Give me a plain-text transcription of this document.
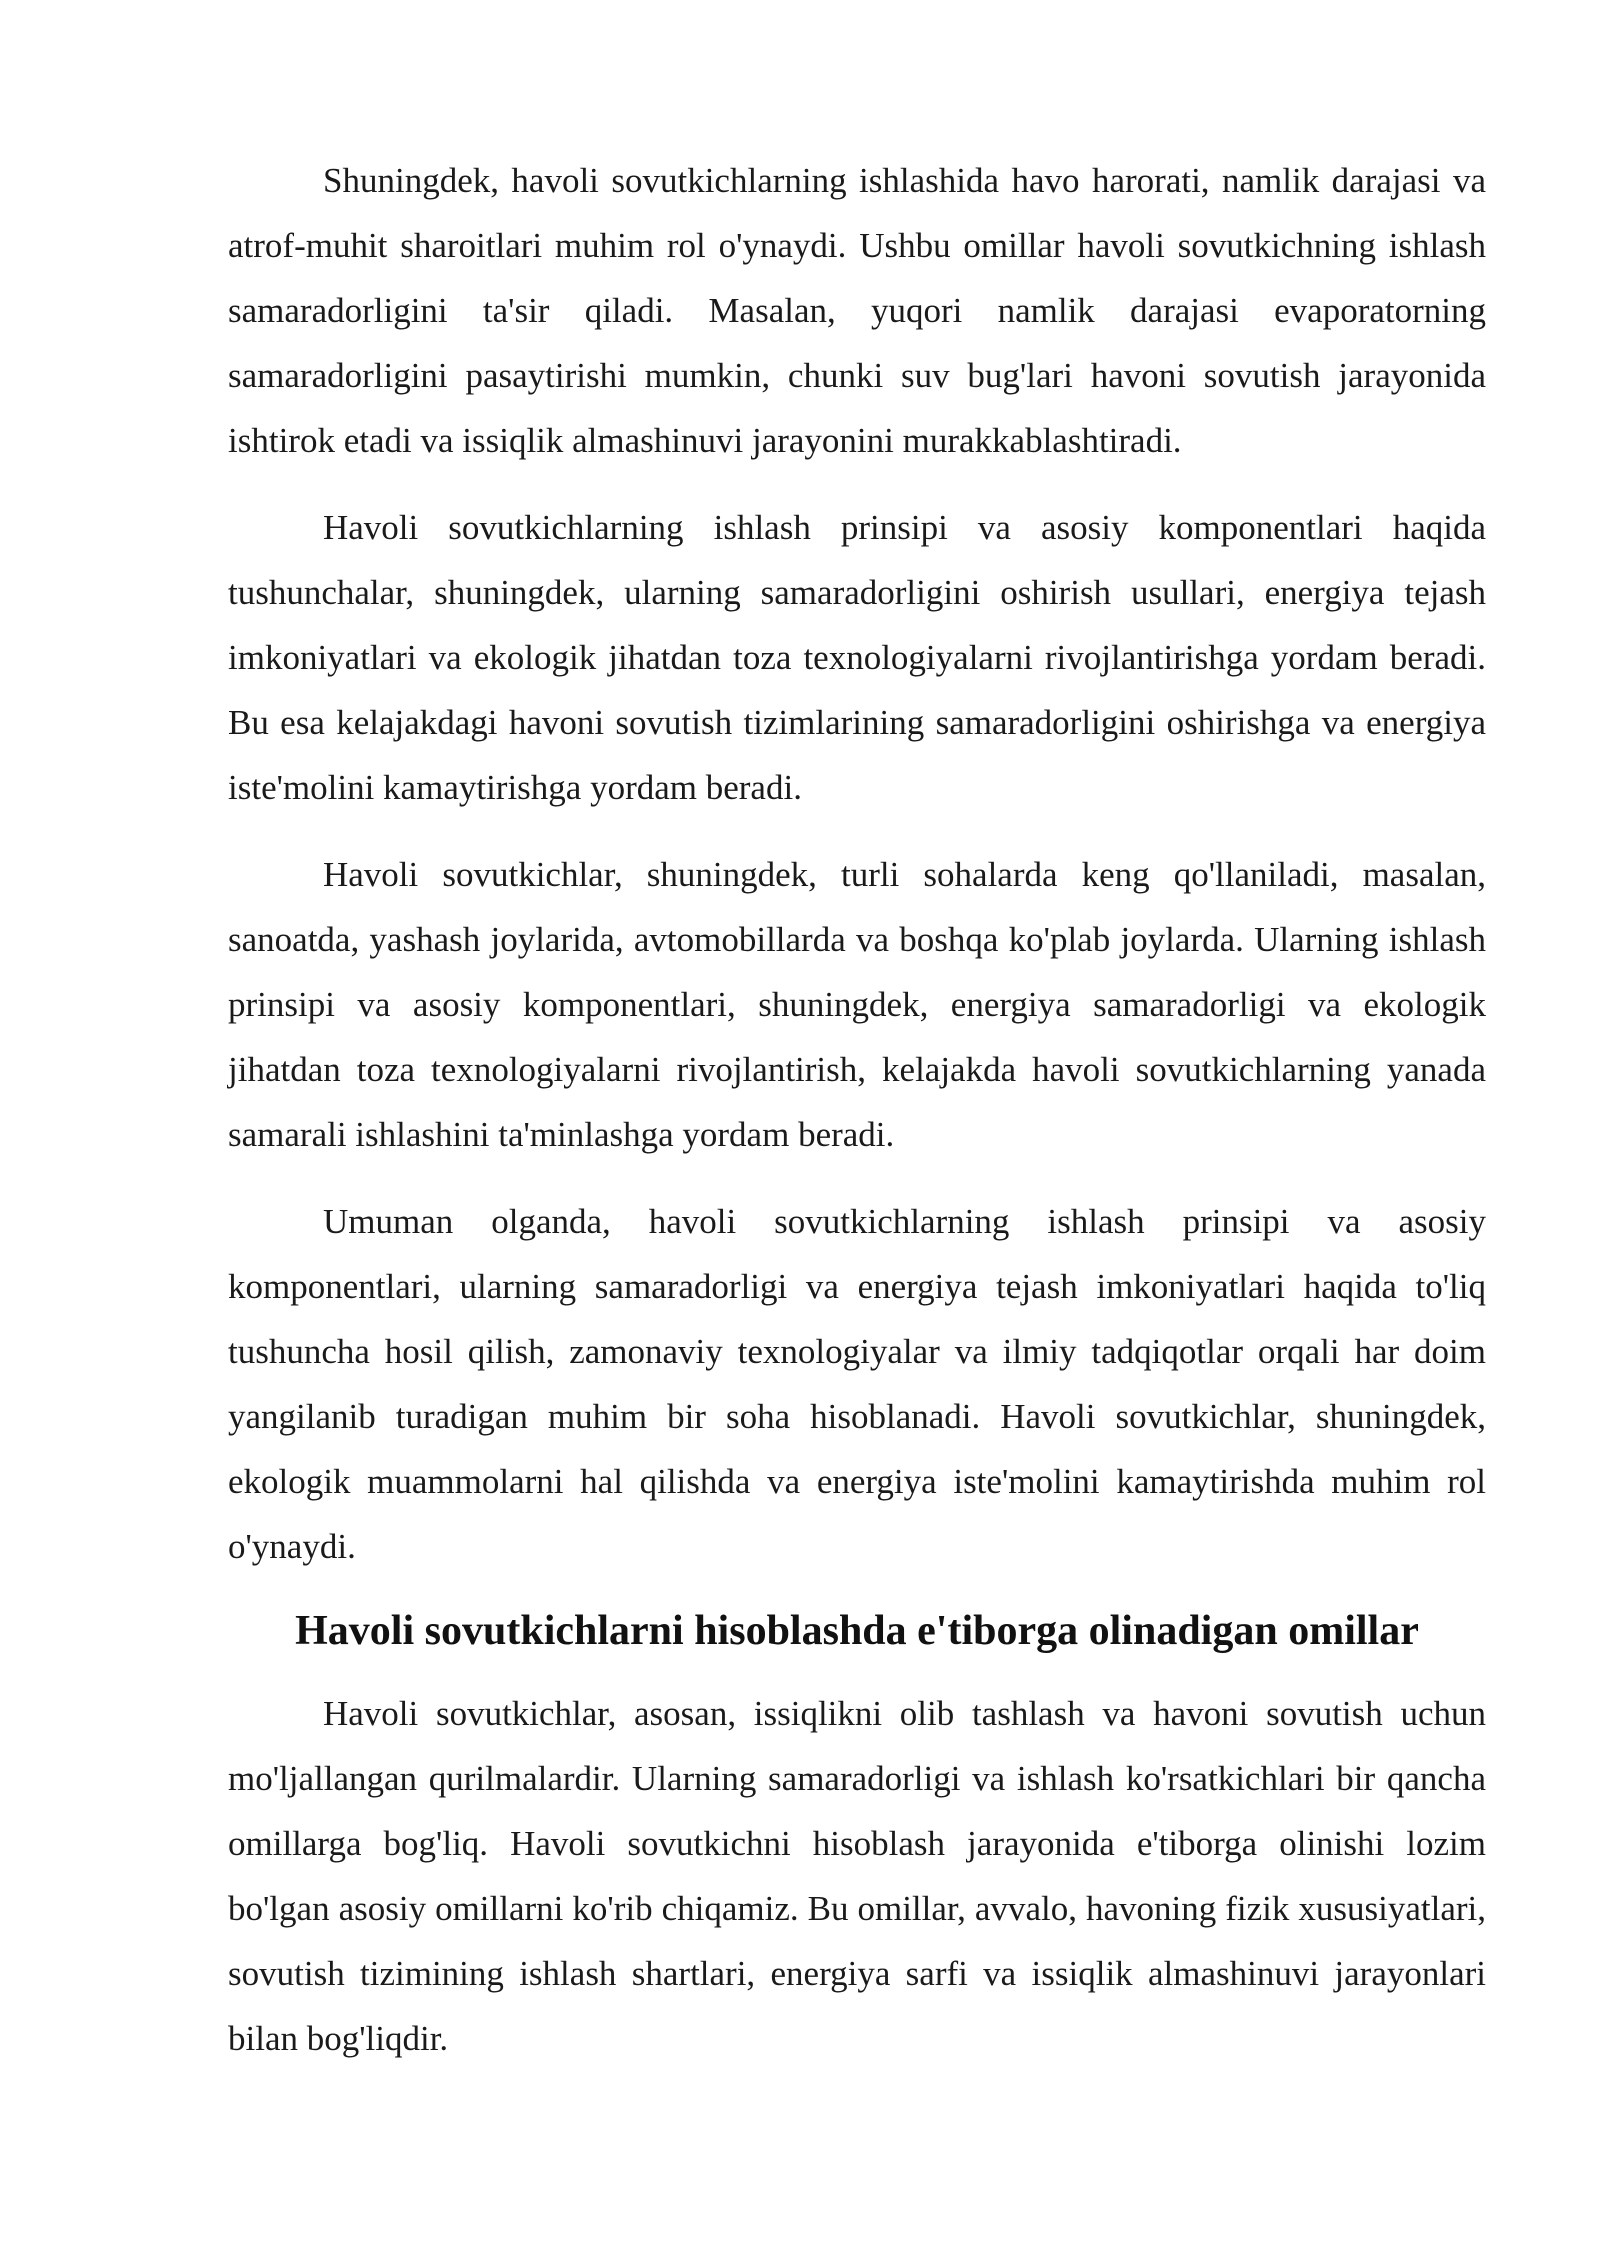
Shuningdek, havoli sovutkichlarning ishlashida havo harorati, namlik darajasi va atrof-muhit sharoitlari muhim rol o'ynaydi. Ushbu omillar havoli sovutkichning ishlash samaradorligini ta'sir qiladi. Masalan, yuqori namlik darajasi evaporatorning samaradorligini pasaytirishi mumkin, chunki suv bug'lari havoni sovutish jarayonida ishtirok etadi va issiqlik almashinuvi jarayonini murakkablashtiradi.

Havoli sovutkichlarning ishlash prinsipi va asosiy komponentlari haqida tushunchalar, shuningdek, ularning samaradorligini oshirish usullari, energiya tejash imkoniyatlari va ekologik jihatdan toza texnologiyalarni rivojlantirishga yordam beradi. Bu esa kelajakdagi havoni sovutish tizimlarining samaradorligini oshirishga va energiya iste'molini kamaytirishga yordam beradi.

Havoli sovutkichlar, shuningdek, turli sohalarda keng qo'llaniladi, masalan, sanoatda, yashash joylarida, avtomobillarda va boshqa ko'plab joylarda. Ularning ishlash prinsipi va asosiy komponentlari, shuningdek, energiya samaradorligi va ekologik jihatdan toza texnologiyalarni rivojlantirish, kelajakda havoli sovutkichlarning yanada samarali ishlashini ta'minlashga yordam beradi.

Umuman olganda, havoli sovutkichlarning ishlash prinsipi va asosiy komponentlari, ularning samaradorligi va energiya tejash imkoniyatlari haqida to'liq tushuncha hosil qilish, zamonaviy texnologiyalar va ilmiy tadqiqotlar orqali har doim yangilanib turadigan muhim bir soha hisoblanadi. Havoli sovutkichlar, shuningdek, ekologik muammolarni hal qilishda va energiya iste'molini kamaytirishda muhim rol o'ynaydi.

Havoli sovutkichlarni hisoblashda e'tiborga olinadigan omillar

Havoli sovutkichlar, asosan, issiqlikni olib tashlash va havoni sovutish uchun mo'ljallangan qurilmalardir. Ularning samaradorligi va ishlash ko'rsatkichlari bir qancha omillarga bog'liq. Havoli sovutkichni hisoblash jarayonida e'tiborga olinishi lozim bo'lgan asosiy omillarni ko'rib chiqamiz. Bu omillar, avvalo, havoning fizik xususiyatlari, sovutish tizimining ishlash shartlari, energiya sarfi va issiqlik almashinuvi jarayonlari bilan bog'liqdir.
